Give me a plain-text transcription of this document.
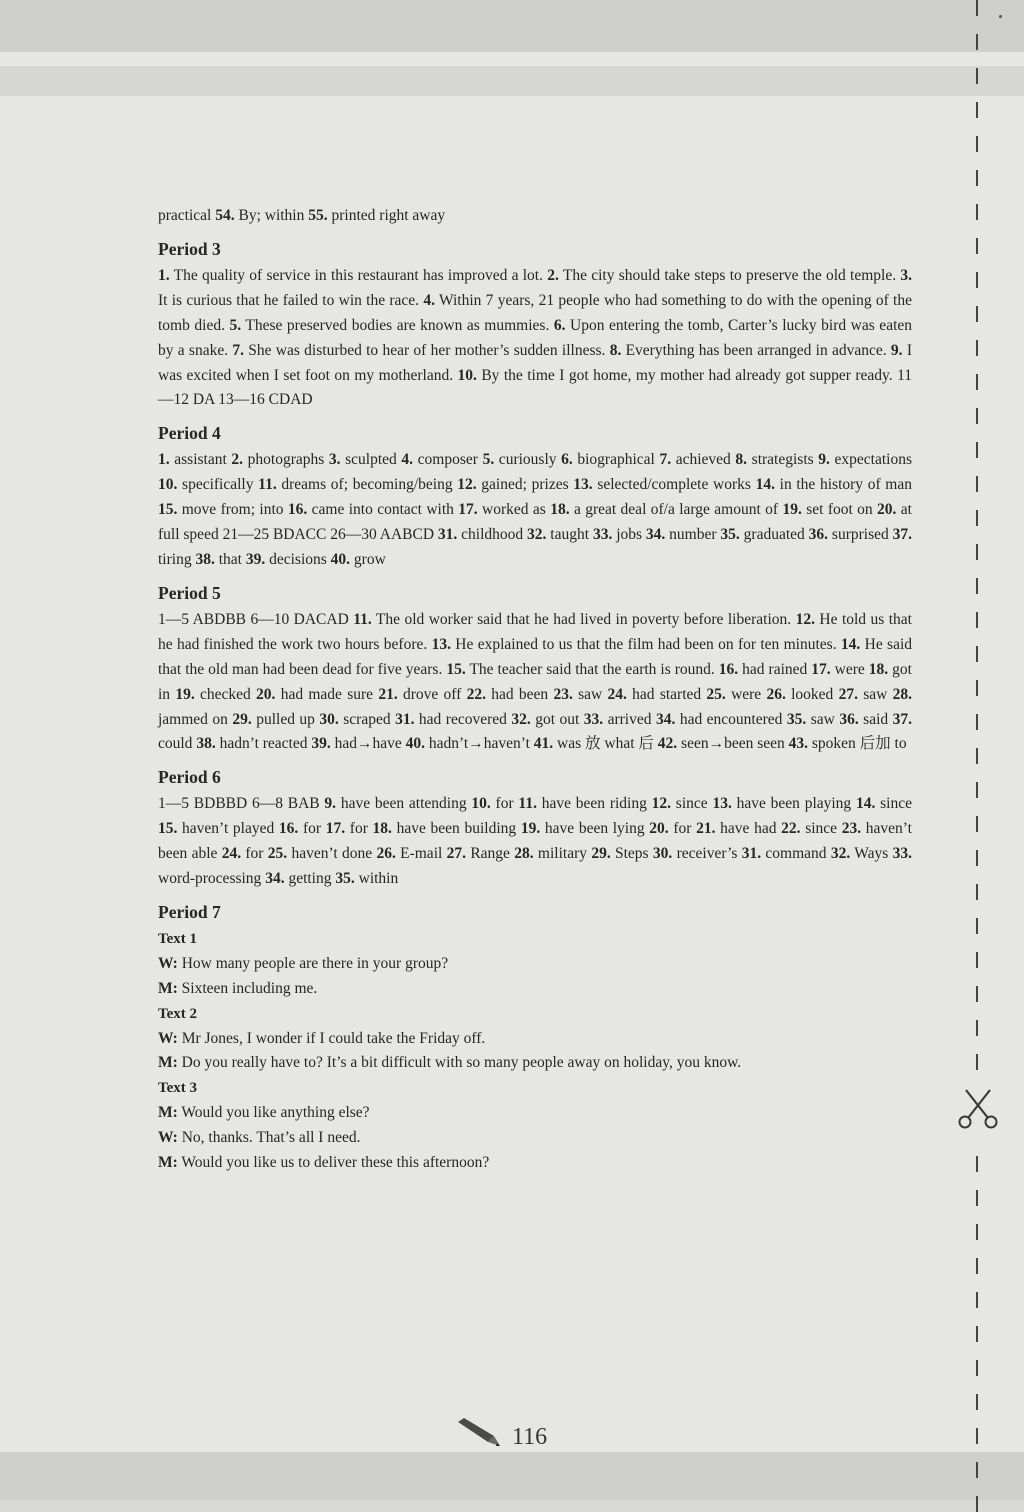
practical 54. By; within 55. printed right away

Period 3

1. The quality of service in this restaurant has improved a lot. 2. The city should take steps to preserve the old temple. 3. It is curious that he failed to win the race. 4. Within 7 years, 21 people who had something to do with the opening of the tomb died. 5. These preserved bodies are known as mummies. 6. Upon entering the tomb, Carter’s lucky bird was eaten by a snake. 7. She was disturbed to hear of her mother’s sudden illness. 8. Everything has been arranged in advance. 9. I was excited when I set foot on my motherland. 10. By the time I got home, my mother had already got supper ready. 11—12 DA 13—16 CDAD

Period 4

1. assistant 2. photographs 3. sculpted 4. composer 5. curiously 6. biographical 7. achieved 8. strategists 9. expectations 10. specifically 11. dreams of; becoming/being 12. gained; prizes 13. selected/complete works 14. in the history of man 15. move from; into 16. came into contact with 17. worked as 18. a great deal of/a large amount of 19. set foot on 20. at full speed 21—25 BDACC 26—30 AABCD 31. childhood 32. taught 33. jobs 34. number 35. graduated 36. surprised 37. tiring 38. that 39. decisions 40. grow

Period 5

1—5 ABDBB 6—10 DACAD 11. The old worker said that he had lived in poverty before liberation. 12. He told us that he had finished the work two hours before. 13. He explained to us that the film had been on for ten minutes. 14. He said that the old man had been dead for five years. 15. The teacher said that the earth is round. 16. had rained 17. were 18. got in 19. checked 20. had made sure 21. drove off 22. had been 23. saw 24. had started 25. were 26. looked 27. saw 28. jammed on 29. pulled up 30. scraped 31. had recovered 32. got out 33. arrived 34. had encountered 35. saw 36. said 37. could 38. hadn’t reacted 39. had→have 40. hadn’t→haven’t 41. was 放 what 后 42. seen→been seen 43. spoken 后加 to

Period 6

1—5 BDBBD 6—8 BAB 9. have been attending 10. for 11. have been riding 12. since 13. have been playing 14. since 15. haven’t played 16. for 17. for 18. have been building 19. have been lying 20. for 21. have had 22. since 23. haven’t been able 24. for 25. haven’t done 26. E-mail 27. Range 28. military 29. Steps 30. receiver’s 31. command 32. Ways 33. word-processing 34. getting 35. within

Period 7
Text 1
W: How many people are there in your group?
M: Sixteen including me.
Text 2
W: Mr Jones, I wonder if I could take the Friday off.
M: Do you really have to? It’s a bit difficult with so many people away on holiday, you know.
Text 3
M: Would you like anything else?
W: No, thanks. That’s all I need.
M: Would you like us to deliver these this afternoon?
116
